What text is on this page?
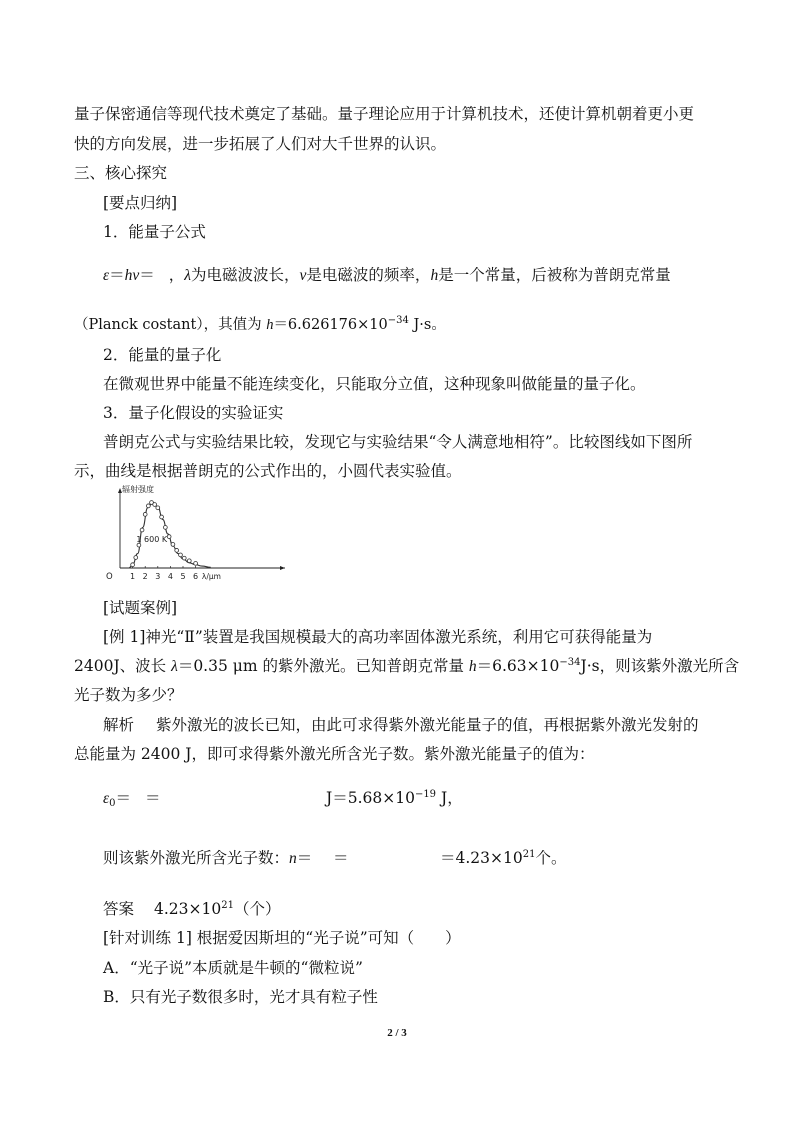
量子保密通信等现代技术奠定了基础。量子理论应用于计算机技术，还使计算机朝着更小更
快的方向发展，进一步拓展了人们对大千世界的认识。
三、核心探究
[要点归纳]
1．能量子公式
ε＝hν＝ ，λ为电磁波波长，ν是电磁波的频率，h是一个常量，后被称为普朗克常量
（Planck costant），其值为 $h=6.626176\times 10^{-34}$ J·s。
2．能量的量子化
在微观世界中能量不能连续变化，只能取分立值，这种现象叫做能量的量子化。
3．量子化假设的实验证实
普朗克公式与实验结果比较，发现它与实验结果“令人满意地相符”。比较图线如下图所
示，曲线是根据普朗克的公式作出的，小圆代表实验值。
辐射强度
O 1 2 3 4 5 6 λ/μm
1 600 K
[试题案例]
[例 1]神光“Ⅱ”装置是我国规模最大的高功率固体激光系统，利用它可获得能量为
2400J、波长 λ＝0.35 μm 的紫外激光。已知普朗克常量 $h=6.63\times 10^{-34}J\cdot s$，则该紫外激光所含
光子数为多少？
解析 紫外激光的波长已知，由此可求得紫外激光能量子的值，再根据紫外激光发射的
总能量为 2400 J，即可求得紫外激光所含光子数。紫外激光能量子的值为：
$\varepsilon_0=$ ＝	$J=5.68\times 10^{-19}$ J，
则该紫外激光所含光子数：n＝ ＝	$=4.23\times 10^{21}$个。
答案 $4.23\times 10^{21}$（个）
[针对训练 1] 根据爱因斯坦的“光子说”可知（　　）
A．“光子说”本质就是牛顿的“微粒说”
B．只有光子数很多时，光才具有粒子性
2 / 3
